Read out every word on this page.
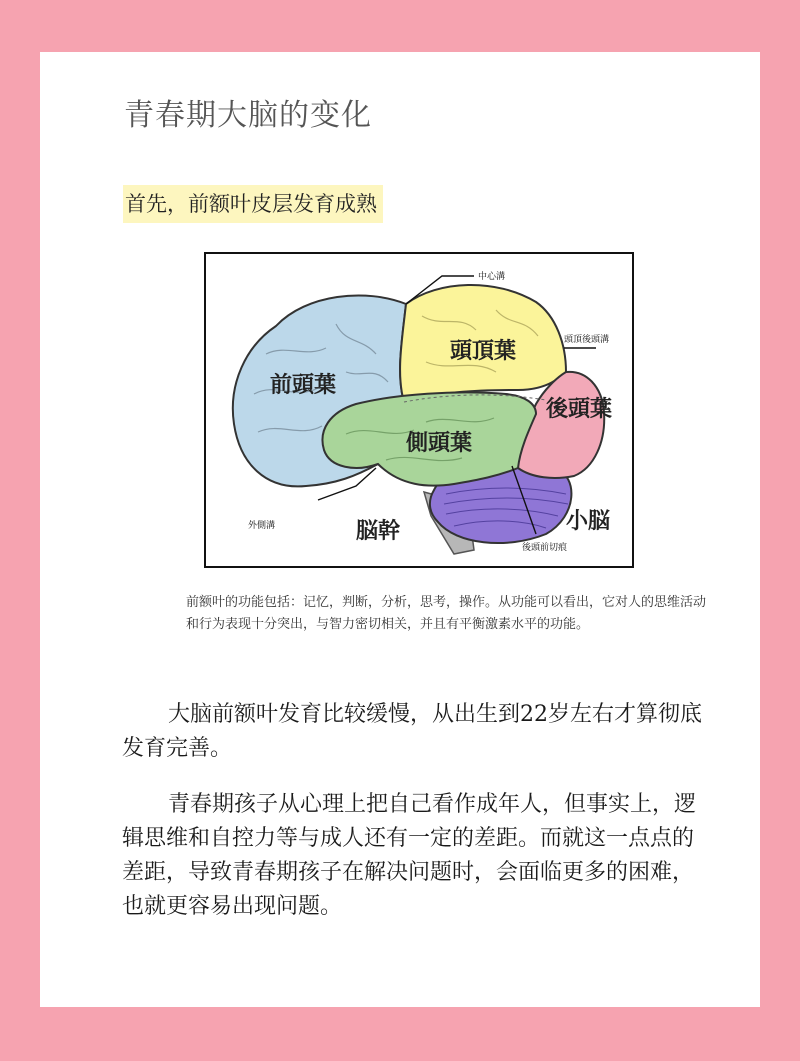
青春期大脑的变化
首先，前额叶皮层发育成熟
中心溝
頭頂後頭溝
外側溝
後頭前切痕
前頭葉
頭頂葉
後頭葉
側頭葉
小脳
脳幹
前额叶的功能包括：记忆，判断，分析，思考，操作。从功能可以看出，它对人的思维活动和行为表现十分突出，与智力密切相关，并且有平衡激素水平的功能。
大脑前额叶发育比较缓慢，从出生到22岁左右才算彻底发育完善。
青春期孩子从心理上把自己看作成年人，但事实上，逻辑思维和自控力等与成人还有一定的差距。而就这一点点的差距，导致青春期孩子在解决问题时，会面临更多的困难，也就更容易出现问题。
